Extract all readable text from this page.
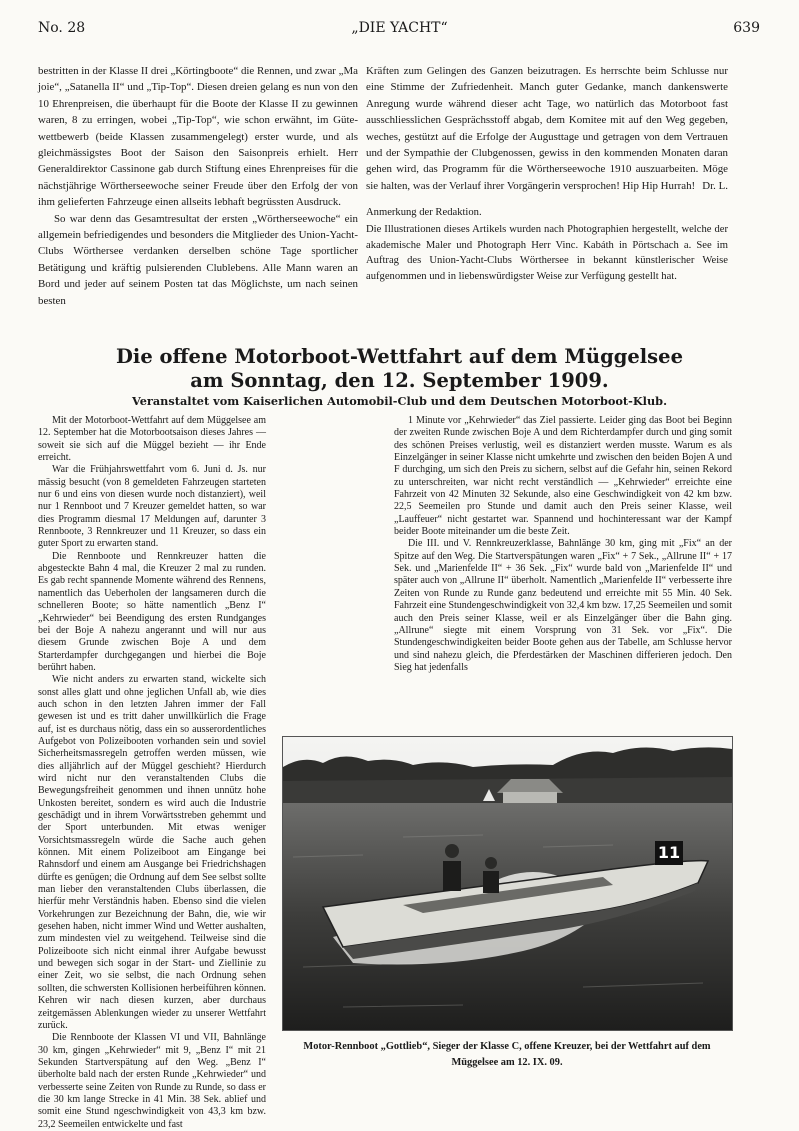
No. 28	„DIE YACHT“	639

bestritten in der Klasse II drei „Körtingboote“ die Rennen, und zwar „Ma joie“, „Satanella II“ und „Tip-Top“. Diesen dreien gelang es nun von den 10 Ehrenpreisen, die überhaupt für die Boote der Klasse II zu gewinnen waren, 8 zu erringen, wobei „Tip-Top“, wie schon erwähnt, im Gütewettbewerb (beide Klassen zusammengelegt) erster wurde, und als gleichmässigstes Boot der Saison den Saisonpreis erhielt. Herr Generaldirektor Cassinone gab durch Stiftung eines Ehrenpreises für die nächstjährige Wörtherseewoche seiner Freude über den Erfolg der von ihm gelieferten Fahrzeuge einen allseits lebhaft begrüssten Ausdruck.

So war denn das Gesamtresultat der ersten „Wörtherseewoche“ ein allgemein befriedigendes und besonders die Mitglieder des Union-Yacht-Clubs Wörthersee verdanken derselben schöne Tage sportlicher Betätigung und kräftig pulsierenden Clublebens. Alle Mann waren an Bord und jeder auf seinem Posten tat das Möglichste, um nach seinen besten

Kräften zum Gelingen des Ganzen beizutragen. Es herrschte beim Schlusse nur eine Stimme der Zufriedenheit. Manch guter Gedanke, manch dankenswerte Anregung wurde während dieser acht Tage, wo natürlich das Motorboot fast ausschliesslichen Gesprächsstoff abgab, dem Komitee mit auf den Weg gegeben, weches, gestützt auf die Erfolge der Augusttage und getragen von dem Vertrauen und der Sympathie der Clubgenossen, gewiss in den kommenden Monaten daran gehen wird, das Programm für die Wörtherseewoche 1910 auszuarbeiten. Möge sie halten, was der Verlauf ihrer Vorgängerin versprochen! Hip Hip Hurrah! Dr. L.
Anmerkung der Redaktion.
Die Illustrationen dieses Artikels wurden nach Photographien hergestellt, welche der akademische Maler und Photograph Herr Vinc. Kabáth in Pörtschach a. See im Auftrag des Union-Yacht-Clubs Wörthersee in bekannt künstlerischer Weise aufgenommen und in liebenswürdigster Weise zur Verfügung gestellt hat.
Die offene Motorboot-Wettfahrt auf dem Müggelsee
am Sonntag, den 12. September 1909.
Veranstaltet vom Kaiserlichen Automobil-Club und dem Deutschen Motorboot-Klub.

Mit der Motorboot-Wettfahrt auf dem Müggelsee am 12. September hat die Motorbootsaison dieses Jahres — soweit sie sich auf die Müggel bezieht — ihr Ende erreicht.

War die Frühjahrswettfahrt vom 6. Juni d. Js. nur mässig besucht (von 8 gemeldeten Fahrzeugen starteten nur 6 und eins von diesen wurde noch distanziert), weil nur 1 Rennboot und 7 Kreuzer gemeldet hatten, so war dies Programm diesmal 17 Meldungen auf, darunter 3 Rennboote, 3 Rennkreuzer und 11 Kreuzer, so dass ein guter Sport zu erwarten stand.

Die Rennboote und Rennkreuzer hatten die abgesteckte Bahn 4 mal, die Kreuzer 2 mal zu runden. Es gab recht spannende Momente während des Rennens, namentlich das Ueberholen der langsameren durch die schnelleren Boote; so hätte namentlich „Benz I“ „Kehrwieder“ bei Beendigung des ersten Rundganges bei der Boje A nahezu angerannt und will nur aus diesem Grunde zwischen Boje A und dem Starterdampfer durchgegangen und hierbei die Boje berührt haben.

Wie nicht anders zu erwarten stand, wickelte sich sonst alles glatt und ohne jeglichen Unfall ab, wie dies auch schon in den letzten Jahren immer der Fall gewesen ist und es tritt daher unwillkürlich die Frage auf, ist es durchaus nötig, dass ein so ausserordentliches Aufgebot von Polizeibooten vorhanden sein und soviel Sicherheitsmassregeln getroffen werden müssen, wie dies alljährlich auf der Müggel geschieht? Hierdurch wird nicht nur den veranstaltenden Clubs die Bewegungsfreiheit genommen und ihnen unnütz hohe Unkosten bereitet, sondern es wird auch die Industrie geschädigt und in ihrem Vorwärtsstreben gehemmt und der Sport unterbunden. Mit etwas weniger Vorsichtsmassregeln würde die Sache auch gehen können. Mit einem Polizeiboot am Eingange bei Rahnsdorf und einem am Ausgange bei Friedrichshagen dürfte es genügen; die Ordnung auf dem See selbst sollte man lieber den veranstaltenden Clubs überlassen, die hierfür mehr Verständnis haben. Ebenso sind die vielen Vorkehrungen zur Bezeichnung der Bahn, die, wie wir gesehen haben, nicht immer Wind und Wetter aushalten, zum mindesten viel zu weitgehend. Teilweise sind die Polizeiboote sich nicht einmal ihrer Aufgabe bewusst und bewegen sich sogar in der Start- und Ziellinie zu einer Zeit, wo sie selbst, die nach Ordnung sehen sollten, die schwersten Kollisionen herbeiführen können. Kehren wir nach diesen kurzen, aber durchaus zeitgemässen Ablenkungen wieder zu unserer Wettfahrt zurück.

Die Rennboote der Klassen VI und VII, Bahnlänge 30 km, gingen „Kehrwieder“ mit 9, „Benz I“ mit 21 Sekunden Startverspätung auf den Weg. „Benz I“ überholte bald nach der ersten Runde „Kehrwieder“ und verbesserte seine Zeiten von Runde zu Runde, so dass er die 30 km lange Strecke in 41 Min. 38 Sek. ablief und somit eine Stund ngeschwindigkeit von 43,3 km bzw. 23,2 Seemeilen entwickelte und fast

1 Minute vor „Kehrwieder“ das Ziel passierte. Leider ging das Boot bei Beginn der zweiten Runde zwischen Boje A und dem Richterdampfer durch und ging somit des schönen Preises verlustig, weil es distanziert werden musste. Warum es als Einzelgänger in seiner Klasse nicht umkehrte und zwischen den beiden Bojen A und F durchging, um sich den Preis zu sichern, selbst auf die Gefahr hin, seinen Rekord zu unterschreiten, war nicht recht verständlich — „Kehrwieder“ erreichte eine Fahrzeit von 42 Minuten 32 Sekunde, also eine Geschwindigkeit von 42 km bzw. 22,5 Seemeilen pro Stunde und damit auch den Preis seiner Klasse, weil „Lauffeuer“ nicht gestartet war. Spannend und hochinteressant war der Kampf beider Boote miteinander um die beste Zeit.

Die III. und V. Rennkreuzerklasse, Bahnlänge 30 km, ging mit „Fix“ an der Spitze auf den Weg. Die Startverspätungen waren „Fix“ + 7 Sek., „Allrune II“ + 17 Sek. und „Marienfelde II“ + 36 Sek. „Fix“ wurde bald von „Marienfelde II“ und später auch von „Allrune II“ überholt. Namentlich „Marienfelde II“ verbesserte ihre Zeiten von Runde zu Runde ganz bedeutend und erreichte mit 55 Min. 40 Sek. Fahrzeit eine Stundengeschwindigkeit von 32,4 km bzw. 17,25 Seemeilen und somit auch den Preis seiner Klasse, weil er als Einzelgänger über die Bahn ging. „Allrune“ siegte mit einem Vorsprung von 31 Sek. vor „Fix“. Die Stundengeschwindigkeiten beider Boote gehen aus der Tabelle, am Schlusse hervor und sind nahezu gleich, die Pferdestärken der Maschinen differieren jedoch. Den Sieg hat jedenfalls

11
Motor-Rennboot „Gottlieb“, Sieger der Klasse C, offene Kreuzer, bei der Wettfahrt auf dem Müggelsee am 12. IX. 09.
